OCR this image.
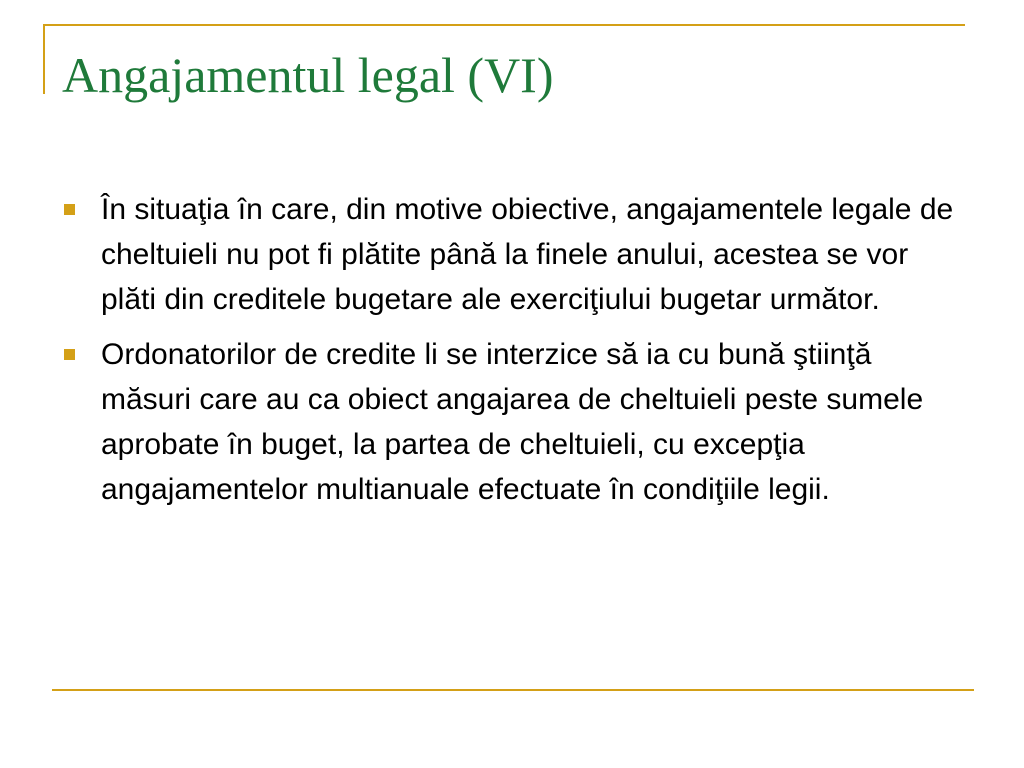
Angajamentul legal (VI)
În situaţia în care, din motive obiective, angajamentele legale de cheltuieli nu pot fi plătite până la finele anului, acestea se vor plăti din creditele bugetare ale exerciţiului bugetar următor.
Ordonatorilor de credite li se interzice să ia cu bună ştiinţă măsuri care au ca obiect angajarea de cheltuieli peste sumele aprobate în buget, la partea de cheltuieli, cu excepţia angajamentelor multianuale efectuate în condiţiile legii.
